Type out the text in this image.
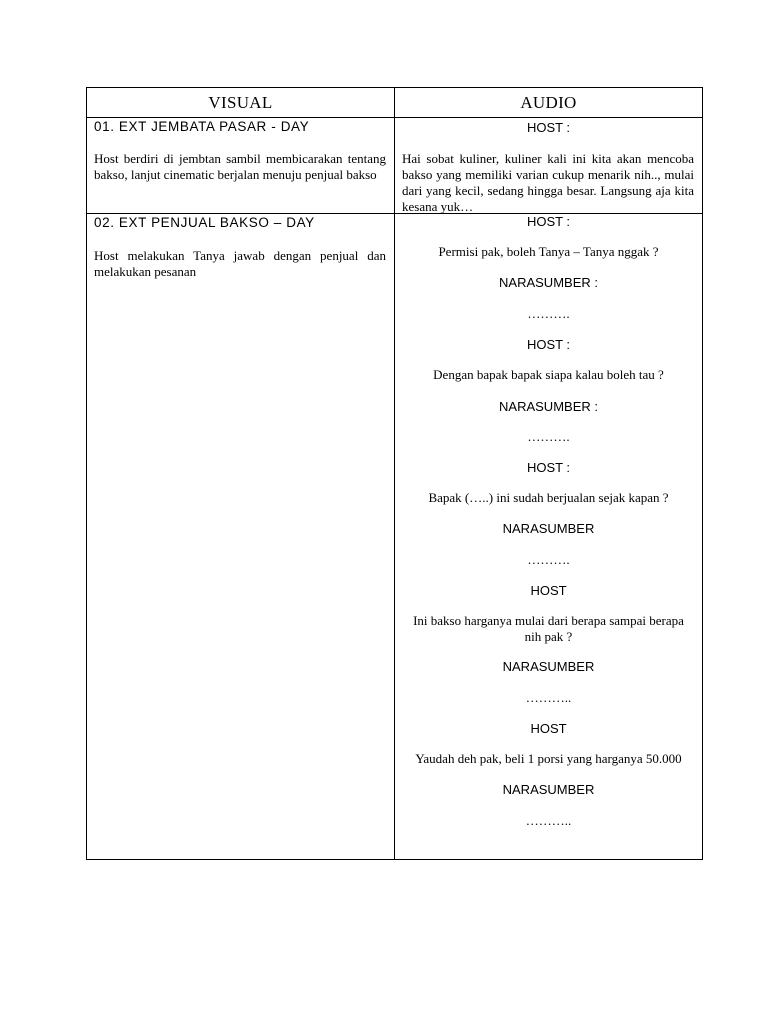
VISUAL	AUDIO
01. EXT JEMBATA PASAR - DAY
Host berdiri di jembtan sambil membicarakan tentang bakso, lanjut cinematic berjalan menuju penjual bakso
HOST :
Hai sobat kuliner, kuliner kali ini kita akan mencoba bakso yang memiliki varian cukup menarik nih.., mulai dari yang kecil, sedang hingga besar. Langsung aja kita kesana yuk…
02. EXT PENJUAL BAKSO – DAY
Host melakukan Tanya jawab dengan penjual dan melakukan pesanan
HOST :
Permisi pak, boleh Tanya – Tanya nggak ?
NARASUMBER :
……….
HOST :
Dengan bapak bapak siapa kalau boleh tau ?
NARASUMBER :
……….
HOST :
Bapak (…..) ini sudah berjualan sejak kapan ?
NARASUMBER
……….
HOST
Ini bakso harganya mulai dari berapa sampai berapa nih pak ?
NARASUMBER
………..
HOST
Yaudah deh pak, beli 1 porsi yang harganya 50.000
NARASUMBER
………..
